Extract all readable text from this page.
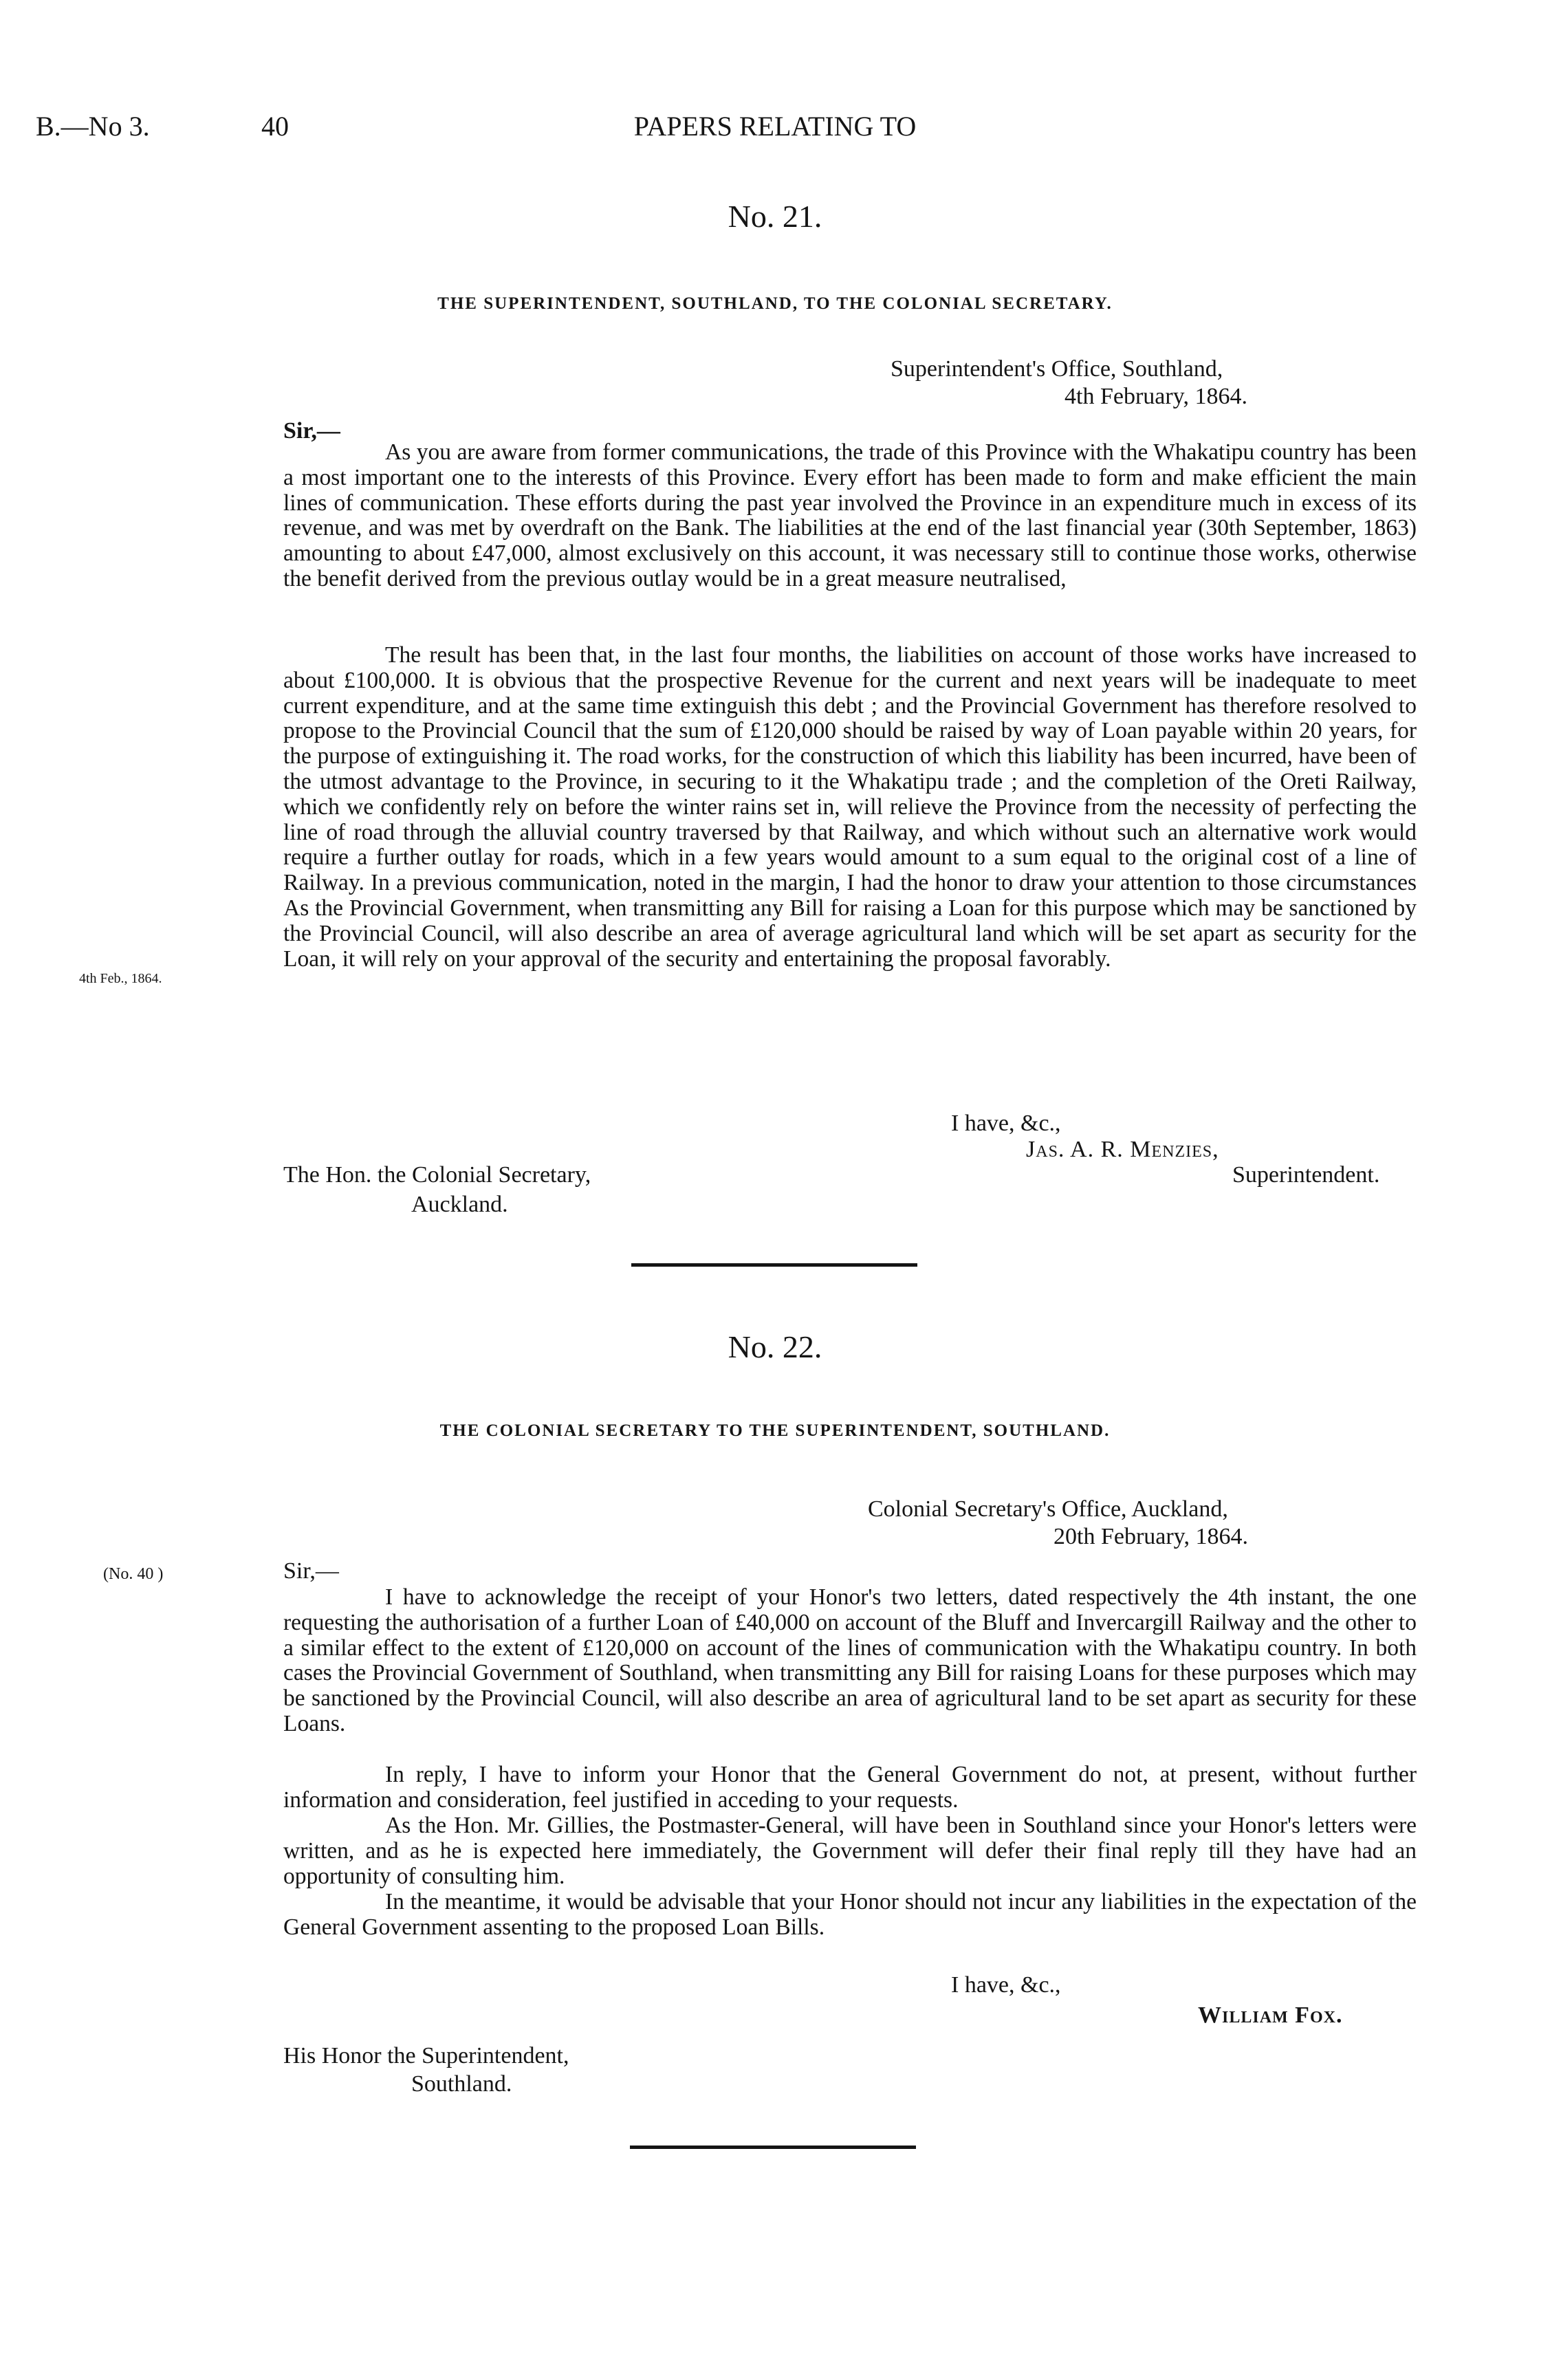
B.—No 3.	40	PAPERS RELATING TO
No. 21.
THE SUPERINTENDENT, SOUTHLAND, TO THE COLONIAL SECRETARY.
Superintendent's Office, Southland,
4th February, 1864.
Sir,—

As you are aware from former communications, the trade of this Province with the Whakatipu country has been a most important one to the interests of this Province. Every effort has been made to form and make efficient the main lines of communication. These efforts during the past year involved the Province in an expenditure much in excess of its revenue, and was met by overdraft on the Bank. The liabilities at the end of the last financial year (30th September, 1863) amounting to about £47,000, almost exclusively on this account, it was necessary still to continue those works, otherwise the benefit derived from the previous outlay would be in a great measure neutralised,

The result has been that, in the last four months, the liabilities on account of those works have increased to about £100,000. It is obvious that the prospective Revenue for the current and next years will be inadequate to meet current expenditure, and at the same time extinguish this debt ; and the Provincial Government has therefore resolved to propose to the Provincial Council that the sum of £120,000 should be raised by way of Loan payable within 20 years, for the purpose of extinguishing it. The road works, for the construction of which this liability has been incurred, have been of the utmost advantage to the Province, in securing to it the Whakatipu trade ; and the completion of the Oreti Railway, which we confidently rely on before the winter rains set in, will relieve the Province from the necessity of perfecting the line of road through the alluvial country traversed by that Railway, and which without such an alternative work would require a further outlay for roads, which in a few years would amount to a sum equal to the original cost of a line of Railway. In a previous communication, noted in the margin, I had the honor to draw your attention to those circumstances As the Provincial Government, when transmitting any Bill for raising a Loan for this purpose which may be sanctioned by the Provincial Council, will also describe an area of average agricultural land which will be set apart as security for the Loan, it will rely on your approval of the security and entertaining the proposal favorably.

4th Feb., 1864.
I have, &c.,
Jas. A. R. Menzies,
Superintendent.
The Hon. the Colonial Secretary,
Auckland.
No. 22.
THE COLONIAL SECRETARY TO THE SUPERINTENDENT, SOUTHLAND.
Colonial Secretary's Office, Auckland,
20th February, 1864.
(No. 40 )	Sir,—

I have to acknowledge the receipt of your Honor's two letters, dated respectively the 4th instant, the one requesting the authorisation of a further Loan of £40,000 on account of the Bluff and Invercargill Railway and the other to a similar effect to the extent of £120,000 on account of the lines of communication with the Whakatipu country. In both cases the Provincial Government of Southland, when transmitting any Bill for raising Loans for these purposes which may be sanctioned by the Provincial Council, will also describe an area of agricultural land to be set apart as security for these Loans.

In reply, I have to inform your Honor that the General Government do not, at present, without further information and consideration, feel justified in acceding to your requests.

As the Hon. Mr. Gillies, the Postmaster-General, will have been in Southland since your Honor's letters were written, and as he is expected here immediately, the Government will defer their final reply till they have had an opportunity of consulting him.

In the meantime, it would be advisable that your Honor should not incur any liabilities in the expectation of the General Government assenting to the proposed Loan Bills.

I have, &c.,
William Fox.
His Honor the Superintendent,
Southland.
